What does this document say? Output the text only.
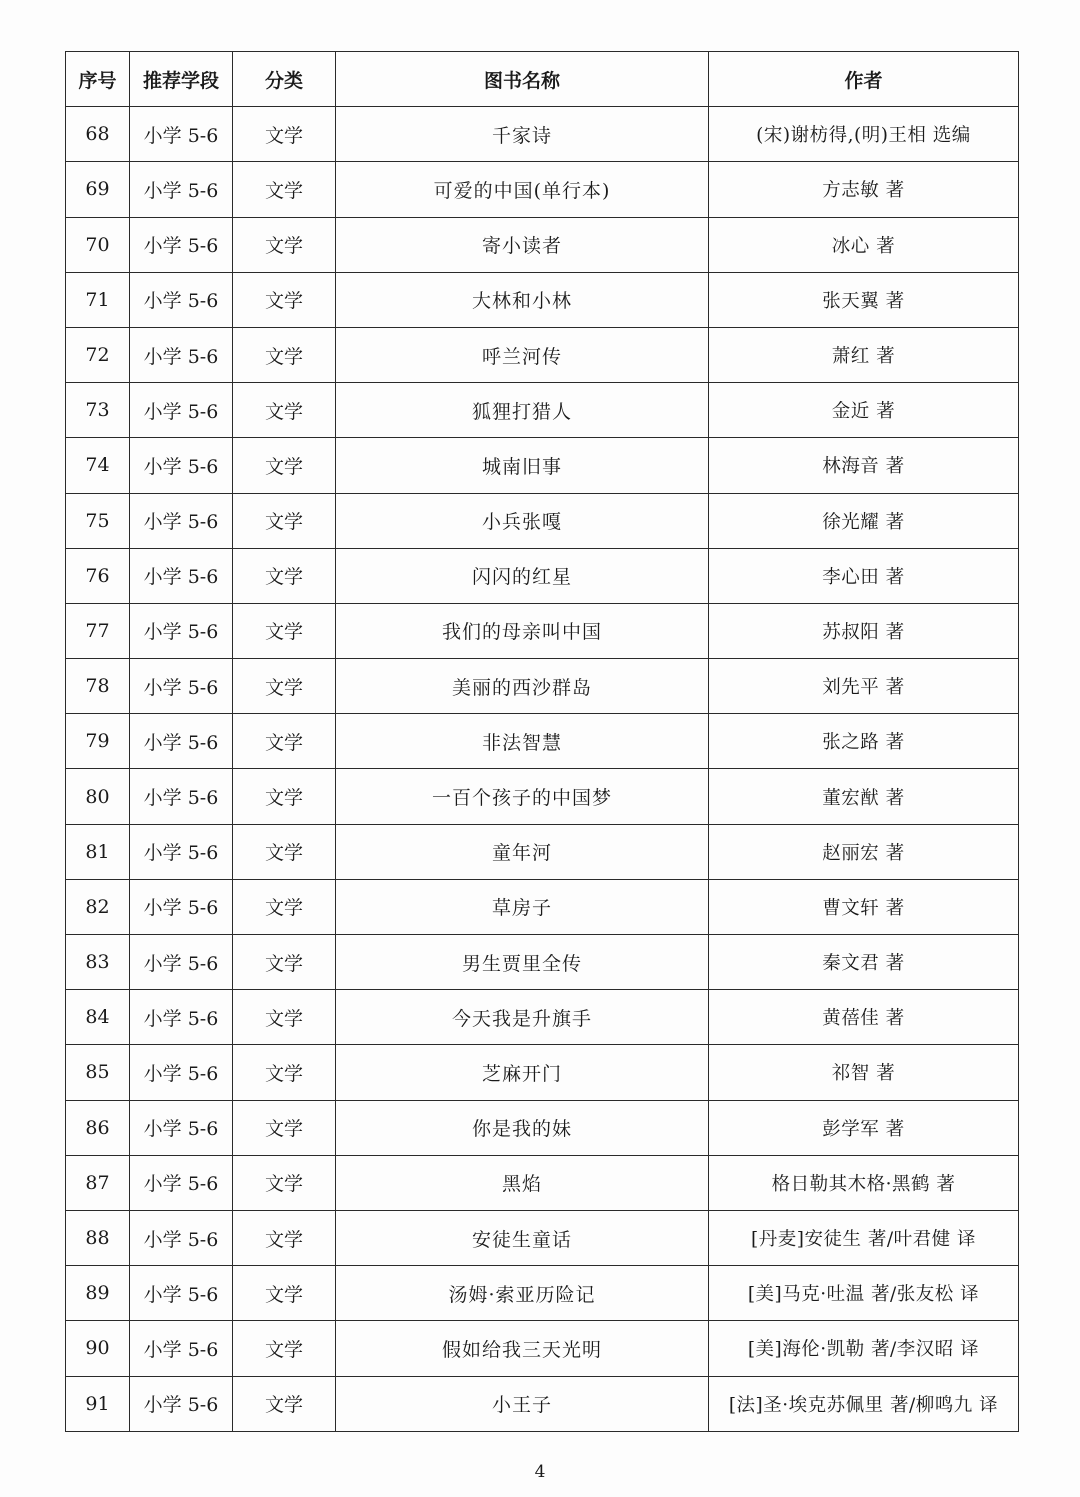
序号	推荐学段	分类	图书名称	作者
68	小学 5-6	文学	千家诗	(宋)谢枋得,(明)王相 选编
69	小学 5-6	文学	可爱的中国(单行本)	方志敏 著
70	小学 5-6	文学	寄小读者	冰心 著
71	小学 5-6	文学	大林和小林	张天翼 著
72	小学 5-6	文学	呼兰河传	萧红 著
73	小学 5-6	文学	狐狸打猎人	金近 著
74	小学 5-6	文学	城南旧事	林海音 著
75	小学 5-6	文学	小兵张嘎	徐光耀 著
76	小学 5-6	文学	闪闪的红星	李心田 著
77	小学 5-6	文学	我们的母亲叫中国	苏叔阳 著
78	小学 5-6	文学	美丽的西沙群岛	刘先平 著
79	小学 5-6	文学	非法智慧	张之路 著
80	小学 5-6	文学	一百个孩子的中国梦	董宏猷 著
81	小学 5-6	文学	童年河	赵丽宏 著
82	小学 5-6	文学	草房子	曹文轩 著
83	小学 5-6	文学	男生贾里全传	秦文君 著
84	小学 5-6	文学	今天我是升旗手	黄蓓佳 著
85	小学 5-6	文学	芝麻开门	祁智 著
86	小学 5-6	文学	你是我的妹	彭学军 著
87	小学 5-6	文学	黑焰	格日勒其木格·黑鹤 著
88	小学 5-6	文学	安徒生童话	[丹麦]安徒生 著/叶君健 译
89	小学 5-6	文学	汤姆·索亚历险记	[美]马克·吐温 著/张友松 译
90	小学 5-6	文学	假如给我三天光明	[美]海伦·凯勒 著/李汉昭 译
91	小学 5-6	文学	小王子	[法]圣·埃克苏佩里 著/柳鸣九 译
4
